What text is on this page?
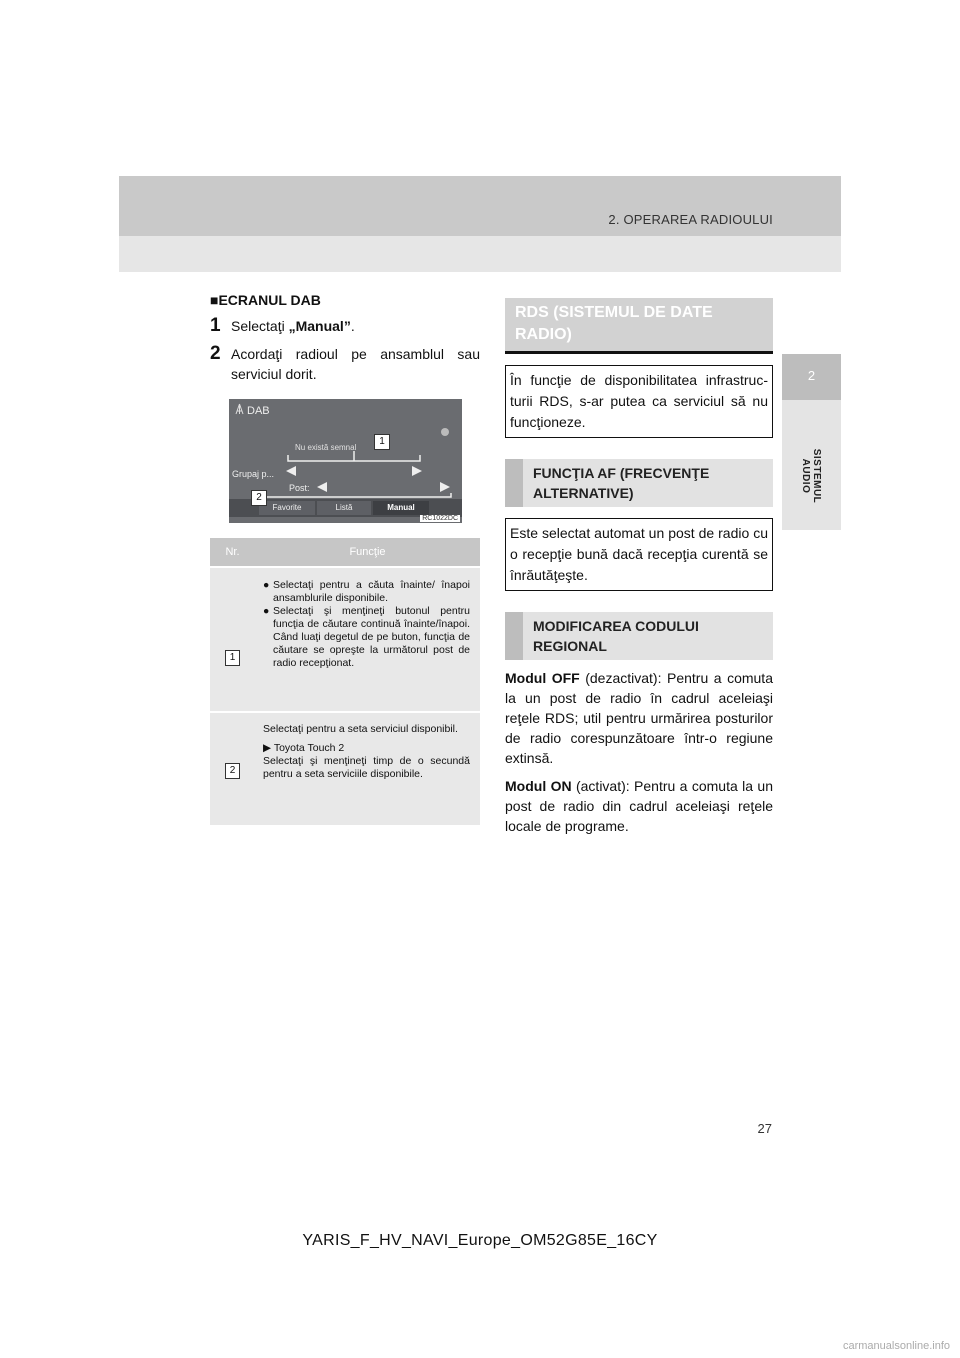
2. OPERAREA RADIOULUI
2
SISTEMUL AUDIO

■ECRANUL DAB

1 Selectaţi „Manual”.
2 Acordaţi radioul pe ansamblul sau serviciul dorit.
DAB
Nu există semnal
Grupaj p...
Post:
Favorite	Listă	Manual
RC1022DC
1
2
Nr.	Funcţie
1
● Selectaţi pentru a căuta înainte/ înapoi ansamblurile disponibile.
● Selectaţi şi menţineţi butonul pentru funcţia de căutare continuă înainte/înapoi. Când luaţi degetul de pe buton, funcţia de căutare se opreşte la următorul post de radio recepţionat.
2

Selectaţi pentru a seta serviciul disponibil.

▶ Toyota Touch 2

Selectaţi şi menţineţi timp de o secundă pentru a seta serviciile disponibile.

RDS (SISTEMUL DE DATE RADIO)
În funcţie de disponibilitatea infrastruc-turii RDS, s-ar putea ca serviciul să nu funcţioneze.
FUNCŢIA AF (FRECVENŢE ALTERNATIVE)
Este selectat automat un post de radio cu o recepţie bună dacă recepţia curentă se înrăutăţeşte.
MODIFICAREA CODULUI REGIONAL

Modul OFF (dezactivat): Pentru a comuta la un post de radio în cadrul aceleiaşi reţele RDS; util pentru urmărirea posturilor de radio corespunzătoare într-o regiune extinsă.

Modul ON (activat): Pentru a comuta la un post de radio din cadrul aceleiaşi reţele locale de programe.

27
YARIS_F_HV_NAVI_Europe_OM52G85E_16CY
carmanualsonline.info
